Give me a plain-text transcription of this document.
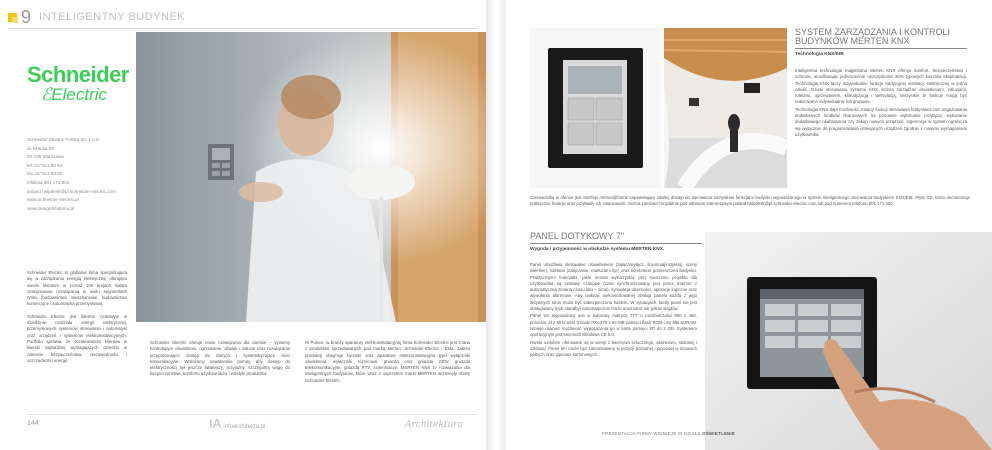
9 INTELIGENTNY BUDYNEK
Schneider
ℰElectric
Schneider Electric Polska Sp. z o.o
ul. Iłżecka 24
02-135 Warszawa
tel. 22/ 511 84 64
fax 22/ 511 83 00
infolinia 801 171 500
poland.helpdesk@pl.schneider-electric.com
www.schneider-electric.pl
www.designfirlabonu.pl

Schneider Electric to globalna firma specjalizująca się w zarządzaniu energią elektryczną, oferująca swoim klientom w ponad 100 krajach świata zintegrowane rozwiązania w wielu segmentach rynku (budownictwo mieszkaniowe, budownictwo komercyjne i automatyka przemysłowa).

Schneider Electric jest liderem rynkowym w dziedzinie rozdziału energii elektrycznej, przemysłowych systemów sterowania i automatyki oraz urządzeń i systemów elektroinstalacyjnych. Portfolio sprawia, że oczekiwaniom klientów w kwestii najbardziej wymagających dziedzin w zakresie bezpieczeństwa, niezawodności i oszczędności energii.

Schneider Electric oferuje nowe rozwiązania dla domów – systemy kontrolujące oświetlenie, ogrzewanie, dźwięk i żaluzje oraz rozwiązania przygotowujące dostęp do danych i systematyzujące sieci komunikacyjne. Wdrażamy nowatorskie pompy, aby dostęp do elektryczności był jeszcze łatwiejszy, przyjazny, szczególną wagę do bezpieczeństwa, komfortu użytkowników i estetyki produktów.

W Polsce, w branży aparatury elektroinstalacyjnej firma Schneider Electric jest znana z produktów sprzedawanych pod marką Merten, Schneider-Electric i Elda. Zakres produkcji obejmuje łączniki oraz aparaturę elektroinstalacyjną typu wyłączniki oświetlenia, wyłączniki różnicowe, gniazda oraz gniazda 230V, gniazda telekomunikacyjne, gniazda RTV, ściemniacze. MERTEN KNX to rozwiązania dla inteligentnych budynków, które wraz z osprzętem marki MERTEN wchłonęły ofertę Schneider Electric.

144	IA infoarchitekta.pl	Architektura
SYSTEM ZARZĄDZANIA I KONTROLI BUDYNKÓW MERTEN KNX
Technologia KNX/EIB

Inteligentna technologia magistralna Merten KNX oferuje komfort, bezpieczeństwo i ochronę, umożliwiając jednocześnie oszczędności 30% typowych kosztów eksploatacji. Technologia KNX łączy indywidualne funkcje tradycyjnej instalacji elektrycznej w jedną całość. Dzięki stosowaniu systemu KNX można zarządzać oświetleniem, żaluzjami, roletami, ogrzewaniem, klimatyzacją i wentylacją. Wszystkie te funkcje mogą być realizowane indywidualnie lub grupowo.

Technologia KNX daje możliwość zmiany funkcji sterowania budynkiem bez angażowania dodatkowych środków finansowych na ponowne wykonanie przyłączy, wykonanie dodatkowego okablowania czy zakup nowych urządzeń. Ingerencja w system ogranicza się wyłącznie do programowania istniejących urządzeń zgodnie z nowymi wymaganiami użytkownika.

Ciekawostką w ofercie jest interfejs merten@home zapewniający zdalny dostęp do sterowania wszystkimi funkcjami budynku wyposażonego w system inteligentnego sterowania budynkiem KNX/EIB. Płytę CD, która demonstruje praktyczne funkcje oraz przykłady ich zastosowań, można zamówić bezpłatnie pod adresem internetowym poland.helpdesk@pl.schneider-electric.com lub pod numerem telefonu 801 171 500.

PANEL DOTYKOWY 7"
Wygoda i przyjemność w obsłudze systemu MERTEN KNX.

Panel umożliwia sterowanie oświetleniem (załącz/wyłącz, ściemniaj/rozjaśnij, sceny świetlne), roletami (załączanie, markizami itp.) oraz komfortem pomieszczeń budynku. Praktycznymi funkcjami, jakie można wykorzystać przy tworzeniu projektu dla użytkownika są zestawy czasowe (czas synchronizowany jest przez Internet z automatyczną zmianą czasu lato – zima), symulacja obecności, operacje logiczne oraz wywołania alarmowe. Aby uniknąć niekontrolowanej obsługi panelu każda z jego aktywnych stron może być zabezpieczona hasłem. W sytuacjach, kiedy panel nie jest obsługiwany (tryb standby) automatycznie może uruchomić się pokaz slajdów.

Panel ten wyposażony jest w kolorowy matrycę TFT o rozdzielczości 800 x 480, procesor 312 MHz Intel XScale PXA270 z 64 MB pamięci flash ROM i 64 MB SDRAM. Istnieje również możliwość wyposażenia go w kartę pamięci SD do 2 GB. Systemem operacyjnym jest Microsoft Windows CE 5.0.

Ramki ozdobne oferowane są w wersji z tworzywa sztucznego, aluminium, stalowej i szklanej. Panel ten może być zamontowany w pozycji poziomej i pionowej w ścianach pełnych oraz gipsowo-kartonowych.

PREZENTACJA FIRMY WIDNIEJE W DZIALE OŚWIETLENIE
